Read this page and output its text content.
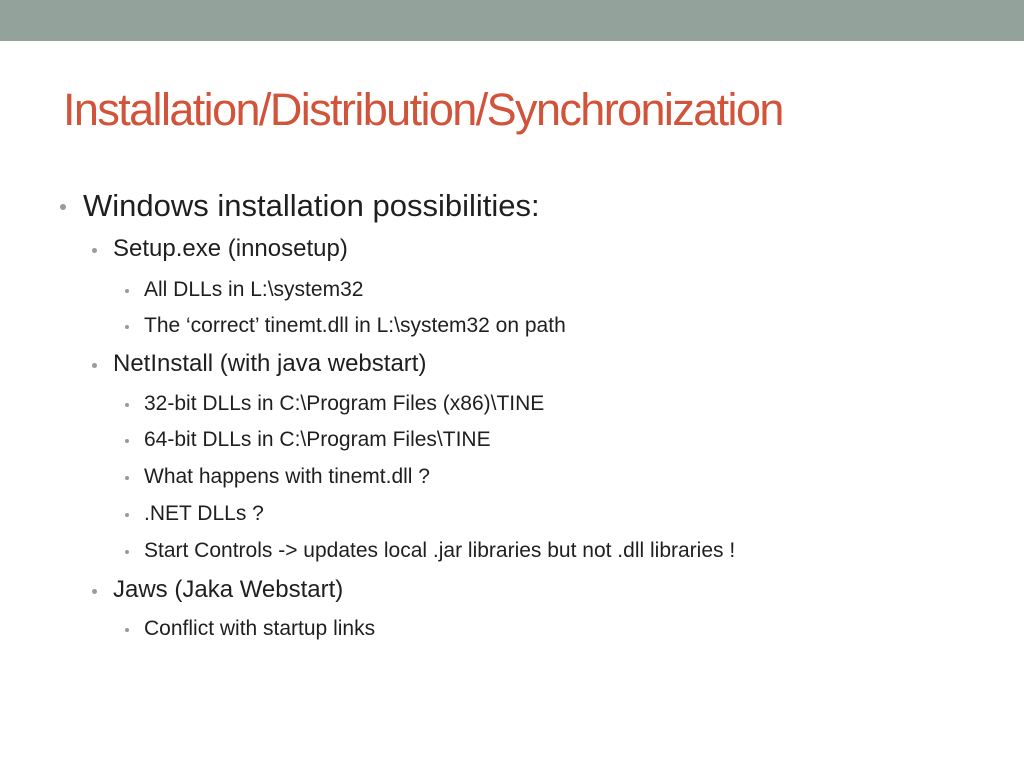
Installation/Distribution/Synchronization
Windows installation possibilities:
Setup.exe (innosetup)
All DLLs in L:\system32
The ‘correct’ tinemt.dll in L:\system32 on path
NetInstall (with java webstart)
32-bit DLLs in C:\Program Files (x86)\TINE
64-bit DLLs in C:\Program Files\TINE
What happens with tinemt.dll ?
.NET DLLs ?
Start Controls -> updates local .jar libraries but not .dll libraries !
Jaws (Jaka Webstart)
Conflict with startup links
